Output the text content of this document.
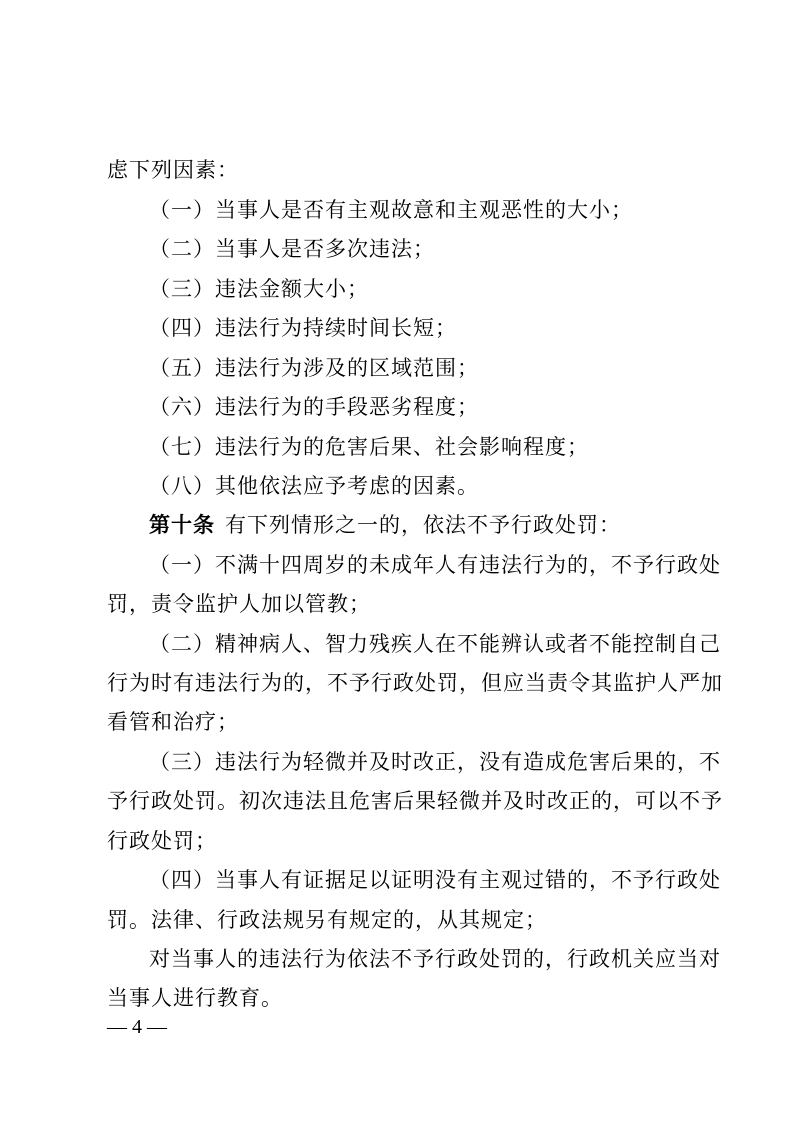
虑下列因素：
（一）当事人是否有主观故意和主观恶性的大小；
（二）当事人是否多次违法；
（三）违法金额大小；
（四）违法行为持续时间长短；
（五）违法行为涉及的区域范围；
（六）违法行为的手段恶劣程度；
（七）违法行为的危害后果、社会影响程度；
（八）其他依法应予考虑的因素。
第十条 有下列情形之一的，依法不予行政处罚：
（一）不满十四周岁的未成年人有违法行为的，不予行政处
罚，责令监护人加以管教；
（二）精神病人、智力残疾人在不能辨认或者不能控制自己
行为时有违法行为的，不予行政处罚，但应当责令其监护人严加
看管和治疗；
（三）违法行为轻微并及时改正，没有造成危害后果的，不
予行政处罚。初次违法且危害后果轻微并及时改正的，可以不予
行政处罚；
（四）当事人有证据足以证明没有主观过错的，不予行政处
罚。法律、行政法规另有规定的，从其规定；
对当事人的违法行为依法不予行政处罚的，行政机关应当对
当事人进行教育。
— 4 —
